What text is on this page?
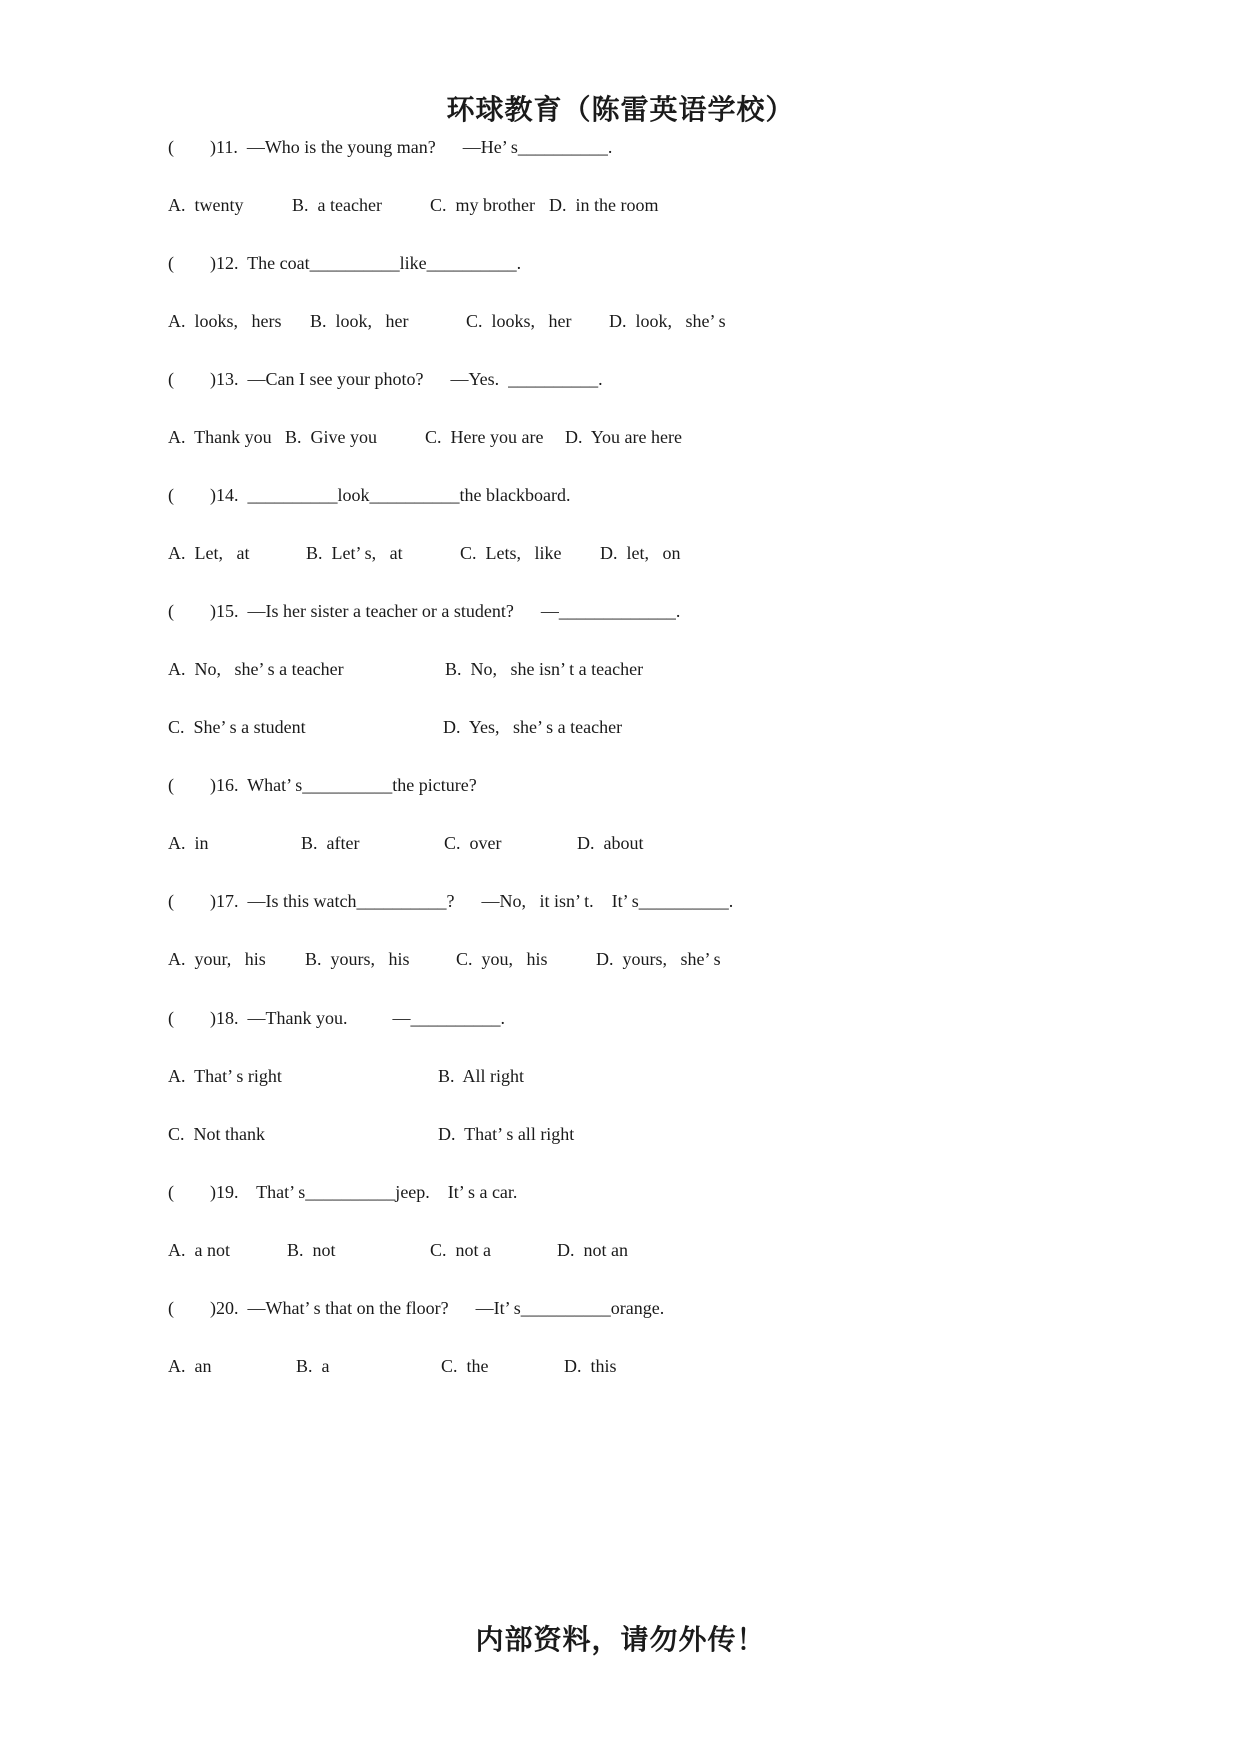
环球教育（陈雷英语学校）

(        )11.  —Who is the young man?      —He’ s__________.

A.  twenty

	B.  a teacher

	C.  my brother

D.  in the room

(        )12.  The coat__________like__________.

A.  looks,   hers

B.  look,   her

	C.  looks,   her

D.  look,   she’ s

(        )13.  —Can I see your photo?      —Yes.  __________.

A.  Thank you

B.  Give you

	C.  Here you are

D.  You are here

(        )14.  __________look__________the blackboard.

A.  Let,   at

	B.  Let’ s,   at

	C.  Lets,   like

D.  let,   on

(        )15.  —Is her sister a teacher or a student?      —_____________.

A.  No,   she’ s a teacher

	B.  No,   she isn’ t a teacher

C.  She’ s a student

	D.  Yes,   she’ s a teacher

(        )16.  What’ s__________the picture?

A.  in

	B.  after

	C.  over

	D.  about

(        )17.  —Is this watch__________?      —No,   it isn’ t.    It’ s__________.

A.  your,   his

B.  yours,   his

	C.  you,   his

	D.  yours,   she’ s

(        )18.  —Thank you.          —__________.

A.  That’ s right

	B.  All right

C.  Not thank

	D.  That’ s all right

(        )19.    That’ s__________jeep.    It’ s a car.

A.  a not

	B.  not

	C.  not a

	D.  not an

(        )20.  —What’ s that on the floor?      —It’ s__________orange.

A.  an

	B.  a

	C.  the

	D.  this

内部资料，请勿外传！
